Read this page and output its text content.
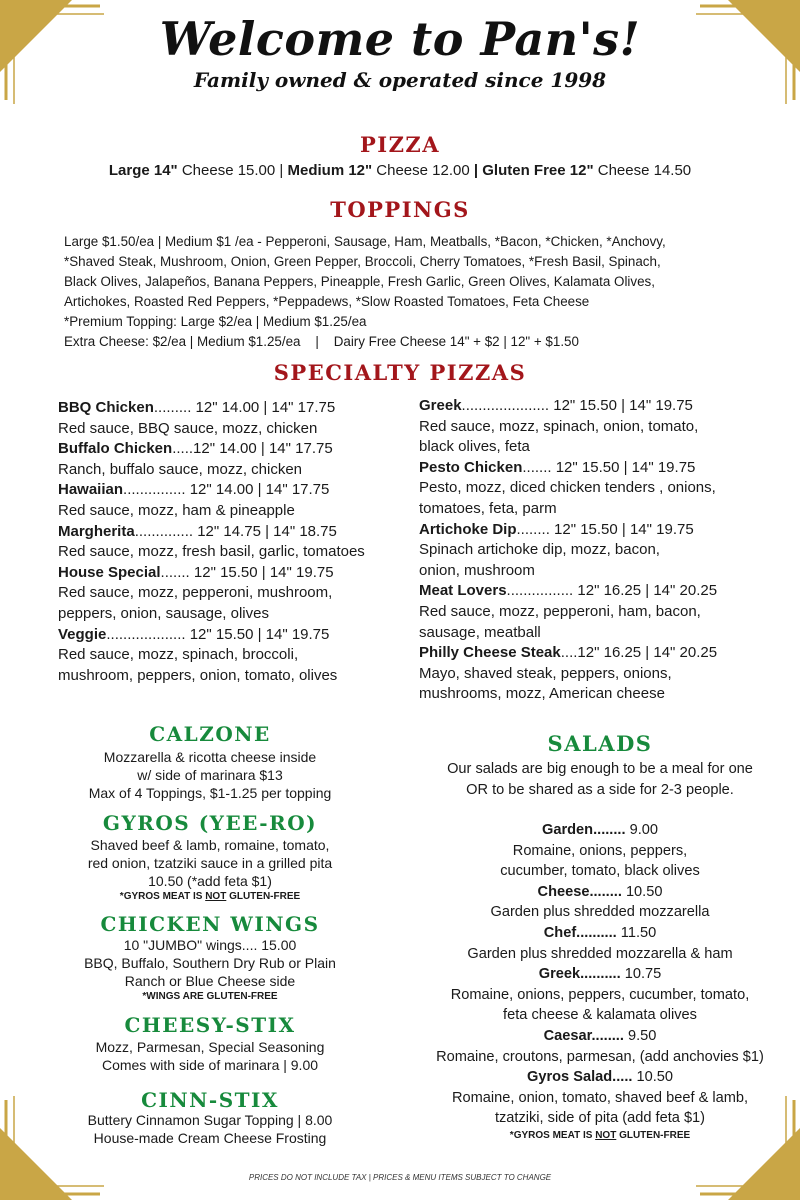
Welcome to Pan's!
Family owned & operated since 1998
PIZZA
Large 14" Cheese 15.00 | Medium 12" Cheese 12.00 | Gluten Free 12" Cheese 14.50
TOPPINGS
Large $1.50/ea | Medium $1 /ea - Pepperoni, Sausage, Ham, Meatballs, *Bacon, *Chicken, *Anchovy,
*Shaved Steak, Mushroom, Onion, Green Pepper, Broccoli, Cherry Tomatoes, *Fresh Basil, Spinach,
Black Olives, Jalapeños, Banana Peppers, Pineapple, Fresh Garlic, Green Olives, Kalamata Olives,
Artichokes, Roasted Red Peppers, *Peppadews, *Slow Roasted Tomatoes, Feta Cheese
*Premium Topping: Large $2/ea | Medium $1.25/ea
Extra Cheese: $2/ea | Medium $1.25/ea    |    Dairy Free Cheese 14" + $2 | 12" + $1.50
SPECIALTY PIZZAS
BBQ Chicken......... 12" 14.00 | 14" 17.75
Red sauce, BBQ sauce, mozz, chicken
Buffalo Chicken.....12" 14.00 | 14" 17.75
Ranch, buffalo sauce, mozz, chicken
Hawaiian............... 12" 14.00 | 14" 17.75
Red sauce, mozz, ham & pineapple
Margherita.............. 12" 14.75 | 14" 18.75
Red sauce, mozz, fresh basil, garlic, tomatoes
House Special....... 12" 15.50 | 14" 19.75
Red sauce, mozz, pepperoni, mushroom,
peppers, onion, sausage, olives
Veggie................... 12" 15.50 | 14" 19.75
Red sauce, mozz, spinach, broccoli,
mushroom, peppers, onion, tomato, olives
Greek..................... 12" 15.50 | 14" 19.75
Red sauce, mozz, spinach, onion, tomato,
black olives, feta
Pesto Chicken....... 12" 15.50 | 14" 19.75
Pesto, mozz, diced chicken tenders , onions,
tomatoes, feta, parm
Artichoke Dip........ 12" 15.50 | 14" 19.75
Spinach artichoke dip, mozz, bacon,
onion, mushroom
Meat Lovers................ 12" 16.25 | 14" 20.25
Red sauce, mozz, pepperoni, ham, bacon,
sausage, meatball
Philly Cheese Steak....12" 16.25 | 14" 20.25
Mayo, shaved steak, peppers, onions,
mushrooms, mozz, American cheese
CALZONE
Mozzarella & ricotta cheese inside
w/ side of marinara $13
Max of 4 Toppings, $1-1.25 per topping
GYROS (YEE-RO)
Shaved beef & lamb, romaine, tomato,
red onion, tzatziki sauce in a grilled pita
10.50 (*add feta $1)
*GYROS MEAT IS NOT GLUTEN-FREE
CHICKEN WINGS
10 "JUMBO" wings.... 15.00
BBQ, Buffalo, Southern Dry Rub or Plain
Ranch or Blue Cheese side
*WINGS ARE GLUTEN-FREE
CHEESY-STIX
Mozz, Parmesan, Special Seasoning
Comes with side of marinara | 9.00
CINN-STIX
Buttery Cinnamon Sugar Topping | 8.00
House-made Cream Cheese Frosting
SALADS
Our salads are big enough to be a meal for one
OR to be shared as a side for 2-3 people.
Garden........ 9.00
Romaine, onions, peppers,
cucumber, tomato, black olives
Cheese........ 10.50
Garden plus shredded mozzarella
Chef.......... 11.50
Garden plus shredded mozzarella & ham
Greek.......... 10.75
Romaine, onions, peppers, cucumber, tomato,
feta cheese & kalamata olives
Caesar........ 9.50
Romaine, croutons, parmesan, (add anchovies $1)
Gyros Salad..... 10.50
Romaine, onion, tomato, shaved beef & lamb,
tzatziki, side of pita (add feta $1)
*GYROS MEAT IS NOT GLUTEN-FREE
PRICES DO NOT INCLUDE TAX | PRICES & MENU ITEMS SUBJECT TO CHANGE
